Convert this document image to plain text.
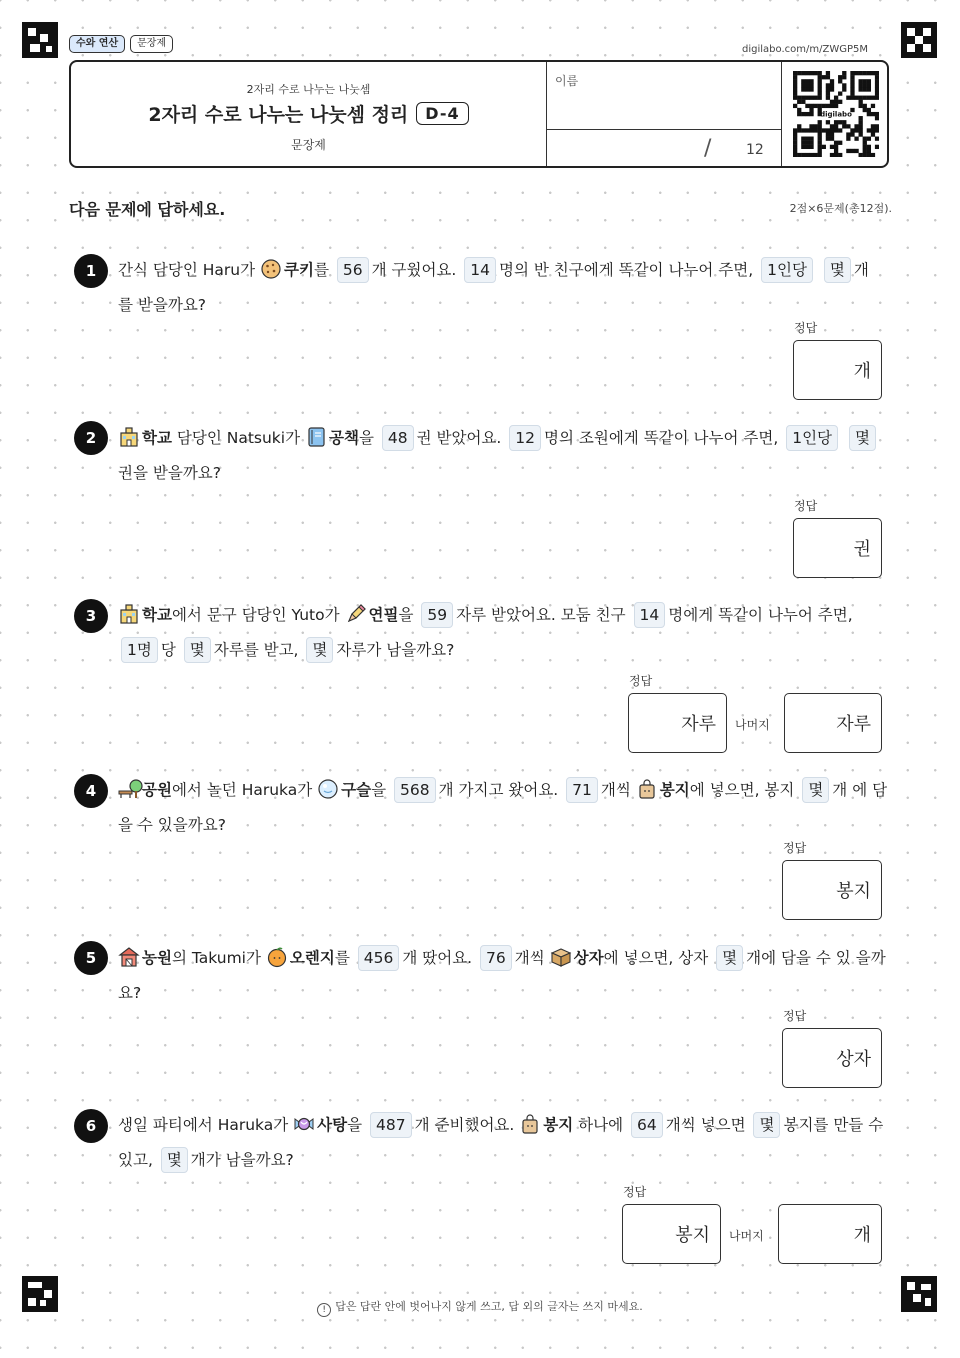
수와 연산	문장제
digilabo.com/m/ZWGP5M
2자리 수로 나누는 나눗셈
2자리 수로 나누는 나눗셈 정리	D-4
문장제
이름
/ 12
digilabo
다음 문제에 답하세요.	2점×6문제(총12점).
1	간식 담당인 Haru가 쿠키를 56 개 구웠어요. 14 명의 반 친구에게 똑같이 나누어 주면, 1인당 몇 개 를 받을까요?
정답
개
2	학교 담당인 Natsuki가 공책을 48 권 받았어요. 12 명의 조원에게 똑같이 나누어 주면, 1인당 몇권을 받을까요?
정답
권
3	학교에서 문구 담당인 Yuto가 연필을 59 자루 받았어요. 모둠 친구 14 명에게 똑같이 나누어 주면, 1명 당 몇 자루를 받고, 몇 자루가 남을까요?
정답
자루 나머지	자루
4	공원에서 놀던 Haruka가 구슬을 568 개 가지고 왔어요. 71 개씩 봉지에 넣으면, 봉지 몇 개 에 담을 수 있을까요?
정답
봉지
5	농원의 Takumi가 오렌지를 456 개 땄어요. 76 개씩 상자에 넣으면, 상자 몇 개에 담을 수 있 을까요?
정답
상자
6	생일 파티에서 Haruka가 사탕을 487 개 준비했어요. 봉지 하나에 64 개씩 넣으면 몇 봉지를 만들 수 있고, 몇 개가 남을까요?
정답
봉지 나머지	개
! 답은 답란 안에 벗어나지 않게 쓰고, 답 외의 글자는 쓰지 마세요.
